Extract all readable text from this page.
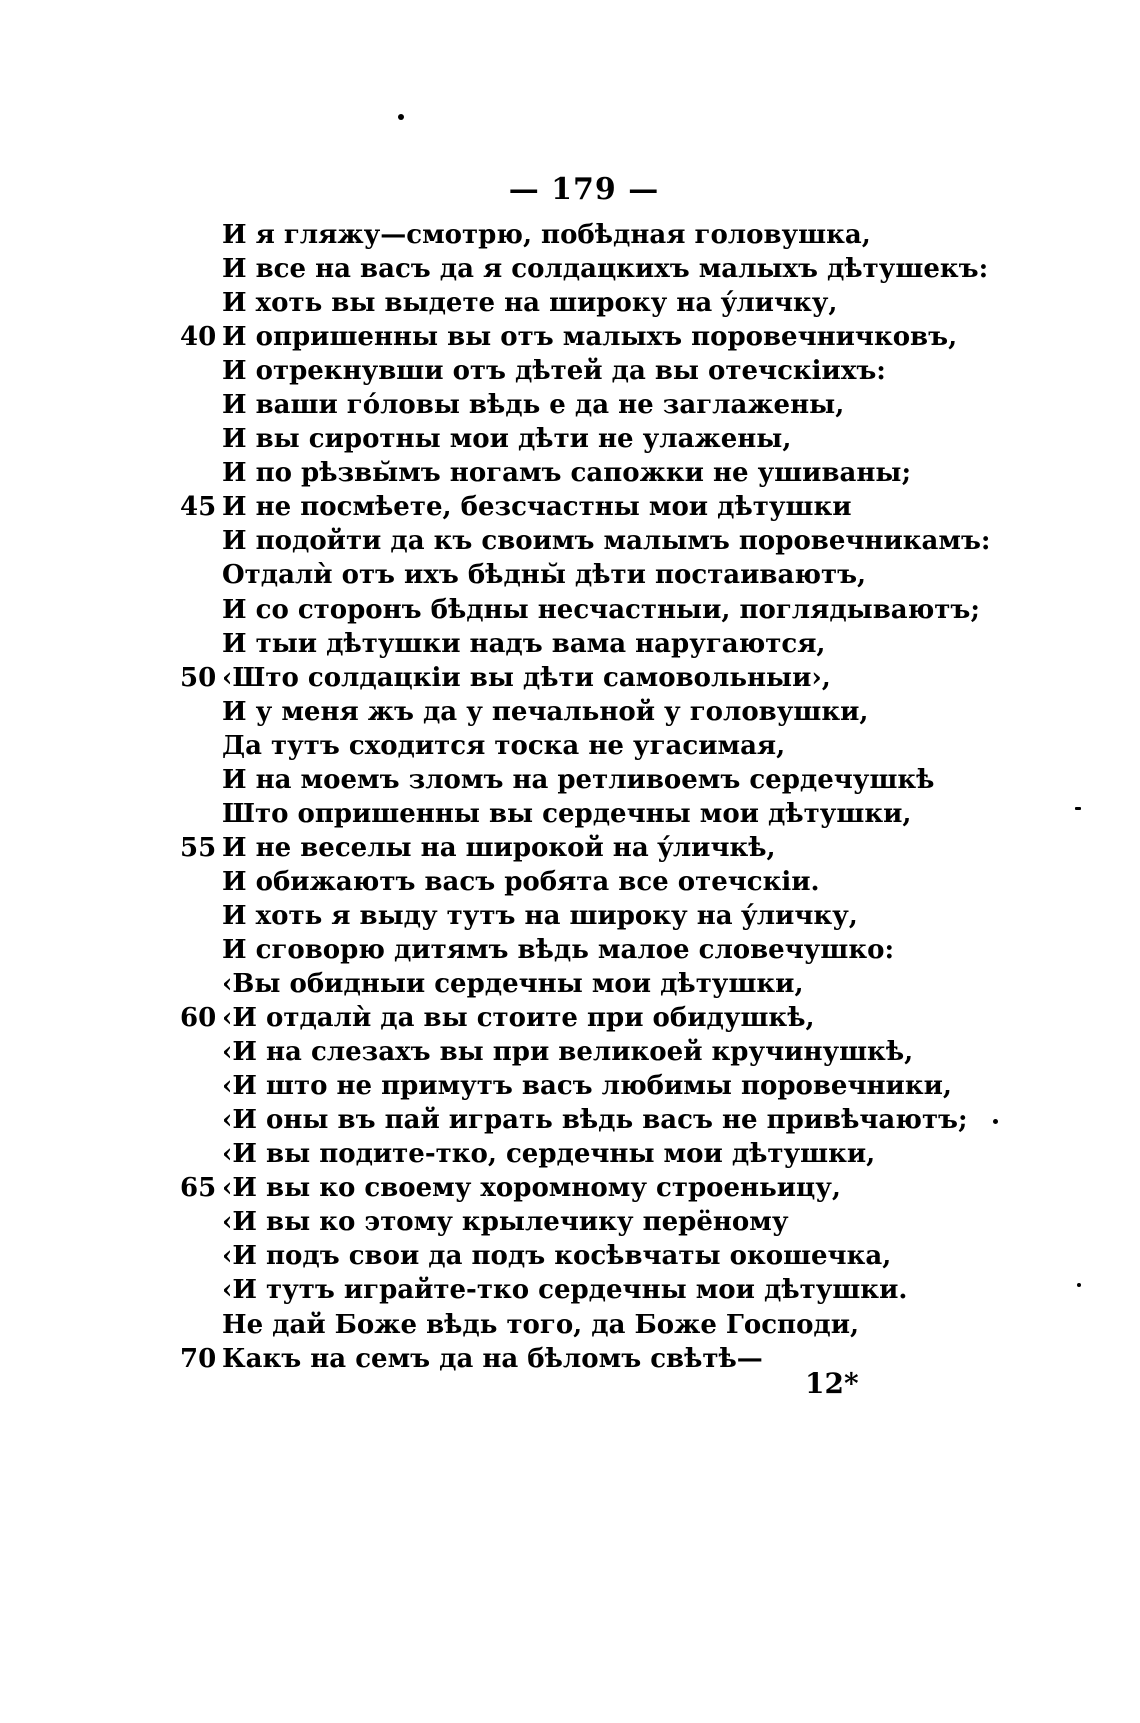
— 179 —
И я гляжу—смотрю, побѣдная головушка,
И все на васъ да я солдацкихъ малыхъ дѣтушекъ:
И хоть вы выдете на широку на ýличку,
40 И опришенны вы отъ малыхъ поровечничковъ,
И отрекнувши отъ дѣтей да вы отечскіихъ:
И ваши гóловы вѣдь е да не заглажены,
И вы сиротны мои дѣти не улажены,
И по рѣзвы̆мъ ногамъ сапожки не ушиваны;
45 И не посмѣете, безсчастны мои дѣтушки
И подойти да къ своимъ малымъ поровечникамъ:
Отдалѝ отъ ихъ бѣдны̆ дѣти постаиваютъ,
И со сторонъ бѣдны несчастныи, поглядываютъ;
И тыи дѣтушки надъ вама наругаются,
50 ‹Што солдацкіи вы дѣти самовольныи›,
И у меня жъ да у печальной у головушки,
Да тутъ сходится тоска не угасимая,
И на моемъ зломъ на ретливоемъ сердечушкѣ
Што опришенны вы сердечны мои дѣтушки,
55 И не веселы на широкой на ýличкѣ,
И обижаютъ васъ робята все отечскіи.
И хоть я выду тутъ на широку на ýличку,
И сговорю дитямъ вѣдь малое словечушко:
‹Вы обидныи сердечны мои дѣтушки,
60 ‹И отдалѝ да вы стоите при обидушкѣ,
‹И на слезахъ вы при великоей кручинушкѣ,
‹И што не примутъ васъ любимы поровечники,
‹И оны въ пай играть вѣдь васъ не привѣчаютъ;
‹И вы подите-тко, сердечны мои дѣтушки,
65 ‹И вы ко своему хоромному строеньицу,
‹И вы ко этому крылечику перёному
‹И подъ свои да подъ косѣвчаты окошечка,
‹И тутъ играйте-тко сердечны мои дѣтушки.
Не дай Боже вѣдь того, да Боже Господи,
70 Какъ на семъ да на бѣломъ свѣтѣ—
12*
